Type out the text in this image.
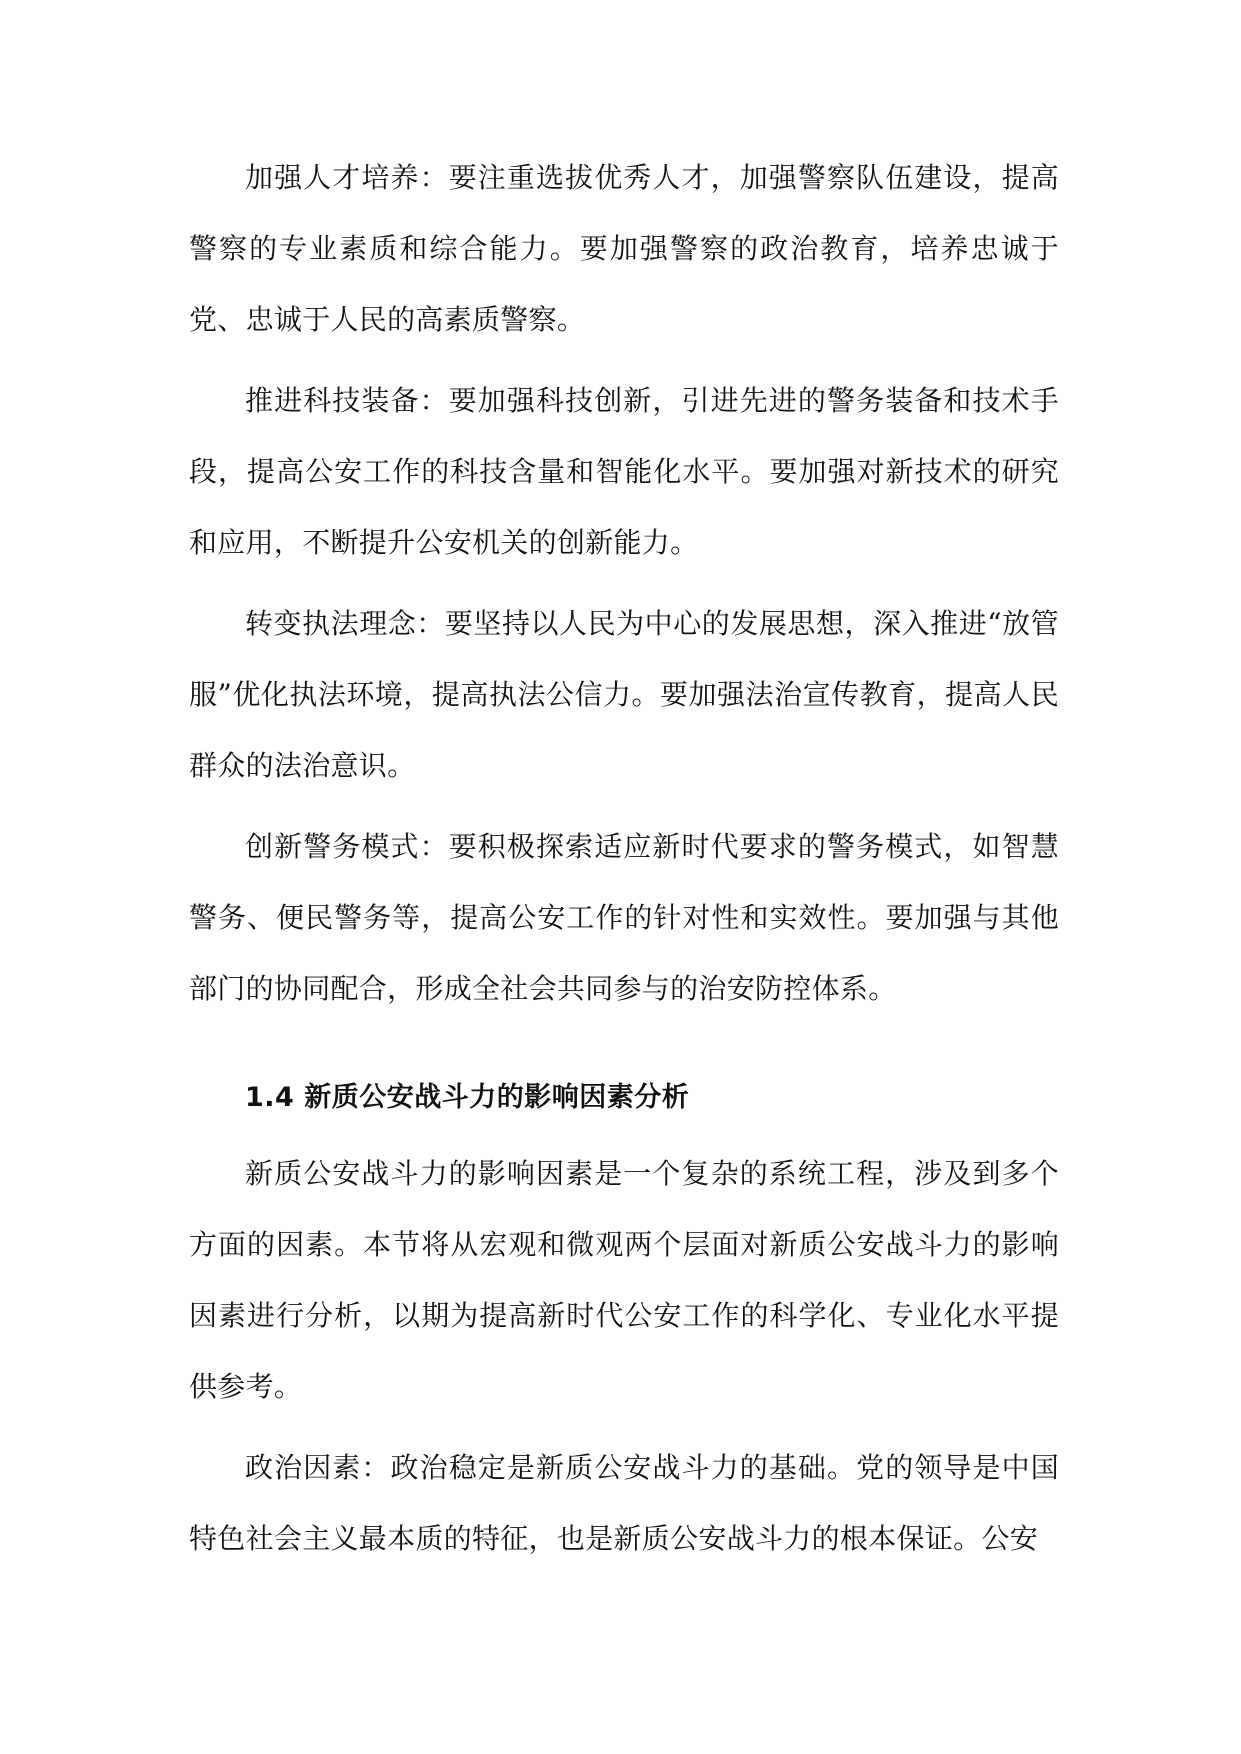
加强人才培养：要注重选拔优秀人才，加强警察队伍建设，提高警察的专业素质和综合能力。要加强警察的政治教育，培养忠诚于党、忠诚于人民的高素质警察。

推进科技装备：要加强科技创新，引进先进的警务装备和技术手段，提高公安工作的科技含量和智能化水平。要加强对新技术的研究和应用，不断提升公安机关的创新能力。

转变执法理念：要坚持以人民为中心的发展思想，深入推进“放管服”优化执法环境，提高执法公信力。要加强法治宣传教育，提高人民群众的法治意识。

创新警务模式：要积极探索适应新时代要求的警务模式，如智慧警务、便民警务等，提高公安工作的针对性和实效性。要加强与其他部门的协同配合，形成全社会共同参与的治安防控体系。

1.4 新质公安战斗力的影响因素分析

新质公安战斗力的影响因素是一个复杂的系统工程，涉及到多个方面的因素。本节将从宏观和微观两个层面对新质公安战斗力的影响因素进行分析，以期为提高新时代公安工作的科学化、专业化水平提供参考。

政治因素：政治稳定是新质公安战斗力的基础。党的领导是中国特色社会主义最本质的特征，也是新质公安战斗力的根本保证。公安
